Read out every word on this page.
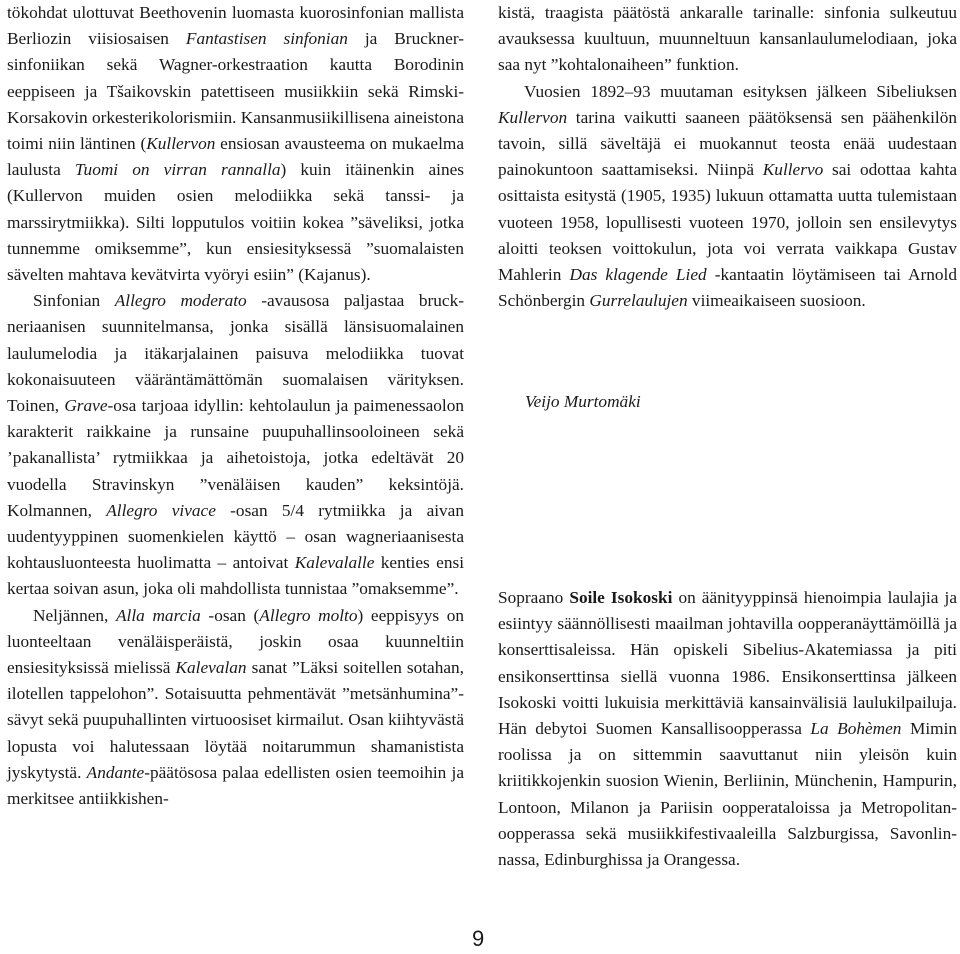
tökohdat ulottuvat Beethovenin luomasta kuorosinfonian mallista Berliozin viisiosaisen Fantastisen sinfonian ja Bruckner-sinfoniikan sekä Wagner-orkestraation kautta Borodinin eeppiseen ja Tšaikovskin patettiseen musiikkiin sekä Rimski-Korsakovin orkesterikolorismiin. Kansanmusiikillisena aineistona toimi niin läntinen (Kullervon ensiosan avausteema on mukaelma laulusta Tuomi on virran rannalla) kuin itäinenkin aines (Kullervon muiden osien melodiikka sekä tanssi- ja marssirytmiikka). Silti lopputulos voitiin kokea ”säveliksi, jotka tunnemme omiksemme”, kun ensiesityksessä ”suomalaisten sävelten mahtava kevätvirta vyöryi esiin” (Kajanus).

Sinfonian Allegro moderato -avausosa paljastaa bruckneriaanisen suunnitelmansa, jonka sisällä länsisuomalainen laulumelodia ja itäkarjalainen paisuva melodiikka tuovat kokonaisuuteen vääräntämättömän suomalaisen värityksen. Toinen, Grave-osa tarjoaa idyllin: kehtolaulun ja paimenessaolon karakterit raikkaine ja runsaine puupuhallinsooloineen sekä ’pakanallista’ rytmiikkaa ja aihetoistoja, jotka edeltävät 20 vuodella Stravinskyn ”venäläisen kauden” keksintöjä. Kolmannen, Allegro vivace -osan 5/4 rytmiikka ja aivan uudentyyppinen suomenkielen käyttö – osan wagneriaanisesta kohtausluonteesta huolimatta – antoivat Kalevalalle kenties ensi kertaa soivan asun, joka oli mahdollista tunnistaa ”omaksemme”.

Neljännen, Alla marcia -osan (Allegro molto) eeppisyys on luonteeltaan venäläisperäistä, joskin osaa kuunneltiin ensiesityksissä mielissä Kalevalan sanat ”Läksi soitellen sotahan, ilotellen tappelohon”. Sotaisuutta pehmentävät ”metsänhumina”-sävyt sekä puupuhallinten virtuoosiset kirmailut. Osan kiihtyvästä lopusta voi halutessaan löytää noitarummun shamanistista jyskytystä. Andante-päätösosa palaa edellisten osien teemoihin ja merkitsee antiikkishen-

kistä, traagista päätöstä ankaralle tarinalle: sinfonia sulkeutuu avauksessa kuultuun, muunneltuun kansanlaulumelodiaan, joka saa nyt ”kohtalonaiheen” funktion.

Vuosien 1892–93 muutaman esityksen jälkeen Sibeliuksen Kullervon tarina vaikutti saaneen päätöksensä sen päähenkilön tavoin, sillä säveltäjä ei muokannut teosta enää uudestaan painokuntoon saattamiseksi. Niinpä Kullervo sai odottaa kahta osittaista esitystä (1905, 1935) lukuun ottamatta uutta tulemistaan vuoteen 1958, lopullisesti vuoteen 1970, jolloin sen ensilevytys aloitti teoksen voittokulun, jota voi verrata vaikkapa Gustav Mahlerin Das klagende Lied -kantaatin löytämiseen tai Arnold Schönbergin Gurrelaulujen viimeaikaiseen suosioon.

Veijo Murtomäki

Sopraano Soile Isokoski on äänityyppinsä hienoimpia laulajia ja esiintyy säännöllisesti maailman johtavilla oopperanäyttämöillä ja konserttisaleissa. Hän opiskeli Sibelius-Akatemiassa ja piti ensikonserttinsa siellä vuonna 1986. Ensikonserttinsa jälkeen Isokoski voitti lukuisia merkittäviä kansainvälisiä laulukilpailuja. Hän debytoi Suomen Kansallisoopperassa La Bohèmen Mimin roolissa ja on sittemmin saavuttanut niin yleisön kuin kriitikkojenkin suosion Wienin, Berliinin, Münchenin, Hampurin, Lontoon, Milanon ja Pariisin oopperataloissa ja Metropolitan-oopperassa sekä musiikkifestivaaleilla Salzburgissa, Savonlinnassa, Edinburghissa ja Orangessa.

9
